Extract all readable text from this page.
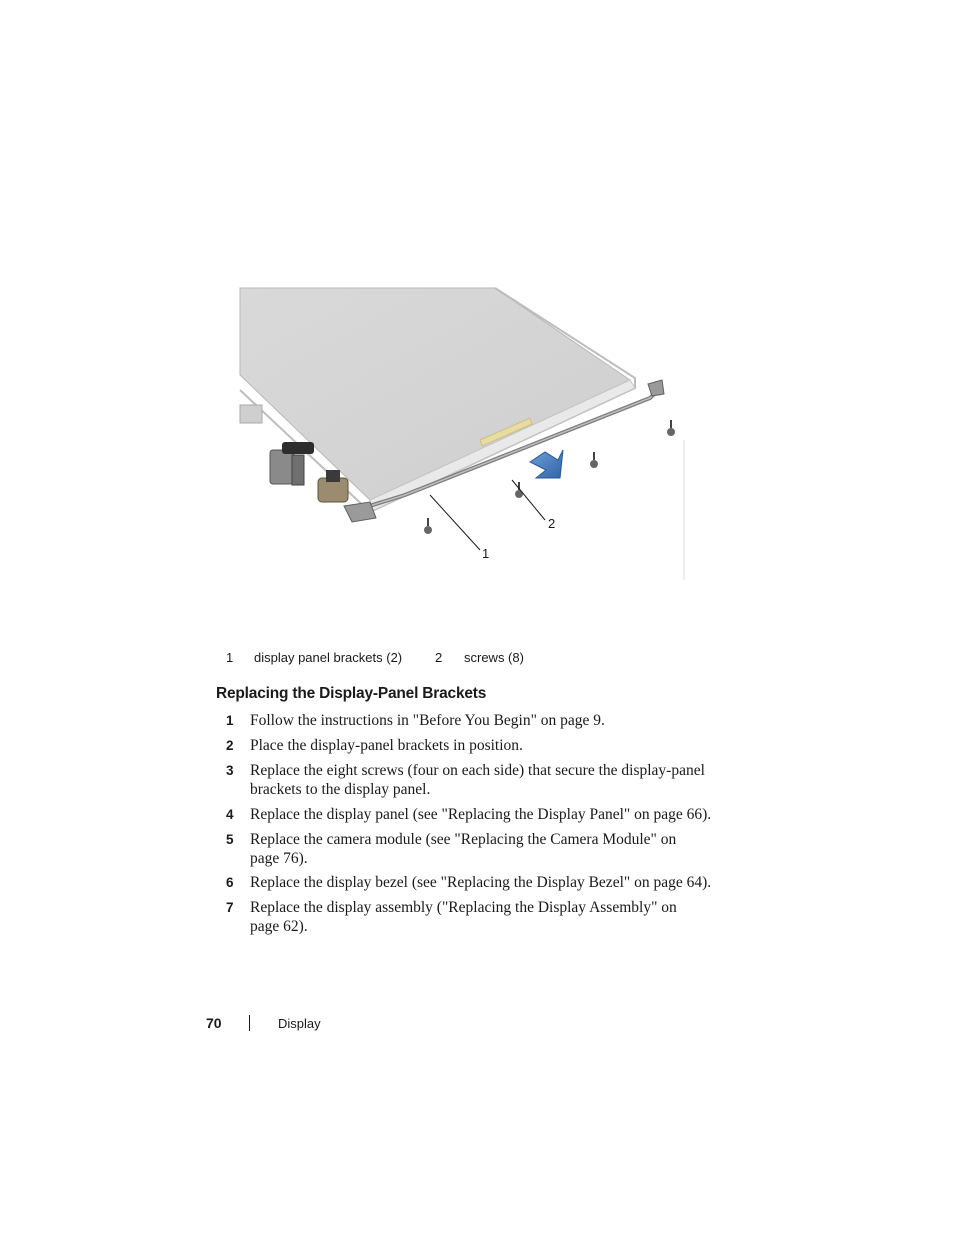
1
2
1 display panel brackets (2)	2 screws (8)
Replacing the Display-Panel Brackets
1 Follow the instructions in "Before You Begin" on page 9.
2 Place the display-panel brackets in position.
3 Replace the eight screws (four on each side) that secure the display-panel brackets to the display panel.
4 Replace the display panel (see "Replacing the Display Panel" on page 66).
5 Replace the camera module (see "Replacing the Camera Module" on page 76).
6 Replace the display bezel (see "Replacing the Display Bezel" on page 64).
7 Replace the display assembly ("Replacing the Display Assembly" on page 62).
70	Display
